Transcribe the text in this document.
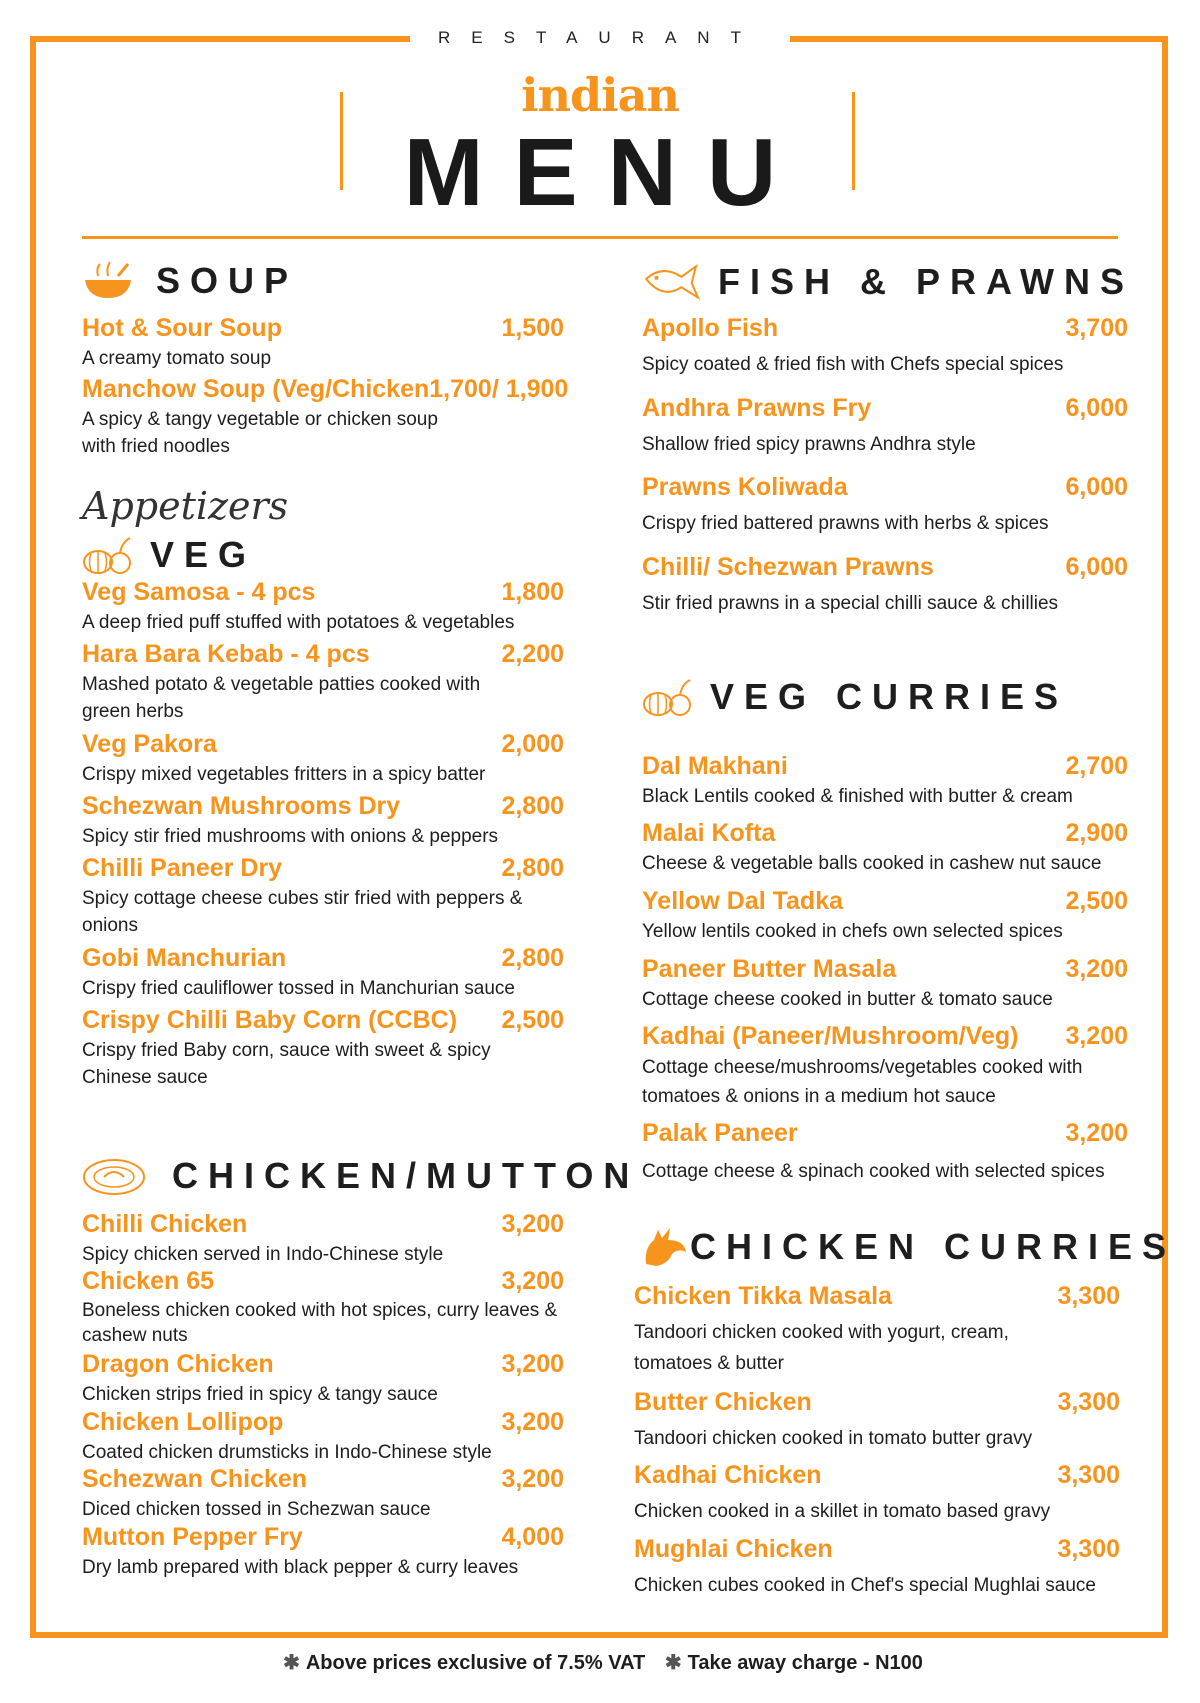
RESTAURANT
indian
MENU
SOUP
Hot & Sour Soup	1,500
A creamy tomato soup
Manchow Soup (Veg/Chicken 1,700/ 1,900
A spicy & tangy vegetable or chicken soup with fried noodles
Appetizers
VEG
Veg Samosa - 4 pcs	1,800
A deep fried puff stuffed with potatoes & vegetables
Hara Bara Kebab - 4 pcs	2,200
Mashed potato & vegetable patties cooked with green herbs
Veg Pakora	2,000
Crispy mixed vegetables fritters in a spicy batter
Schezwan Mushrooms Dry	2,800
Spicy stir fried mushrooms with onions & peppers
Chilli Paneer Dry	2,800
Spicy cottage cheese cubes stir fried with peppers & onions
Gobi Manchurian	2,800
Crispy fried cauliflower tossed in Manchurian sauce
Crispy Chilli Baby Corn (CCBC) 2,500
Crispy fried Baby corn, sauce with sweet & spicy Chinese sauce
CHICKEN/MUTTON
Chilli Chicken	3,200
Spicy chicken served in Indo-Chinese style
Chicken 65	3,200
Boneless chicken cooked with hot spices, curry leaves & cashew nuts
Dragon Chicken	3,200
Chicken strips fried in spicy & tangy sauce
Chicken Lollipop	3,200
Coated chicken drumsticks in Indo-Chinese style
Schezwan Chicken	3,200
Diced chicken tossed in Schezwan sauce
Mutton Pepper Fry	4,000
Dry lamb prepared with black pepper & curry leaves
FISH & PRAWNS
Apollo Fish	3,700
Spicy coated & fried fish with Chefs special spices
Andhra Prawns Fry	6,000
Shallow fried spicy prawns Andhra style
Prawns Koliwada	6,000
Crispy fried battered prawns with herbs & spices
Chilli/ Schezwan Prawns	6,000
Stir fried prawns in a special chilli sauce & chillies
VEG CURRIES
Dal Makhani	2,700
Black Lentils cooked & finished with butter & cream
Malai Kofta	2,900
Cheese & vegetable balls cooked in cashew nut sauce
Yellow Dal Tadka	2,500
Yellow lentils cooked in chefs own selected spices
Paneer Butter Masala	3,200
Cottage cheese cooked in butter & tomato sauce
Kadhai (Paneer/Mushroom/Veg) 3,200
Cottage cheese/mushrooms/vegetables cooked with tomatoes & onions in a medium hot sauce
Palak Paneer	3,200
Cottage cheese & spinach cooked with selected spices
CHICKEN CURRIES
Chicken Tikka Masala	3,300
Tandoori chicken cooked with yogurt, cream, tomatoes & butter
Butter Chicken	3,300
Tandoori chicken cooked in tomato butter gravy
Kadhai Chicken	3,300
Chicken cooked in a skillet in tomato based gravy
Mughlai Chicken	3,300
Chicken cubes cooked in Chef's special Mughlai sauce
✱ Above prices exclusive of 7.5% VAT ✱ Take away charge - N100
